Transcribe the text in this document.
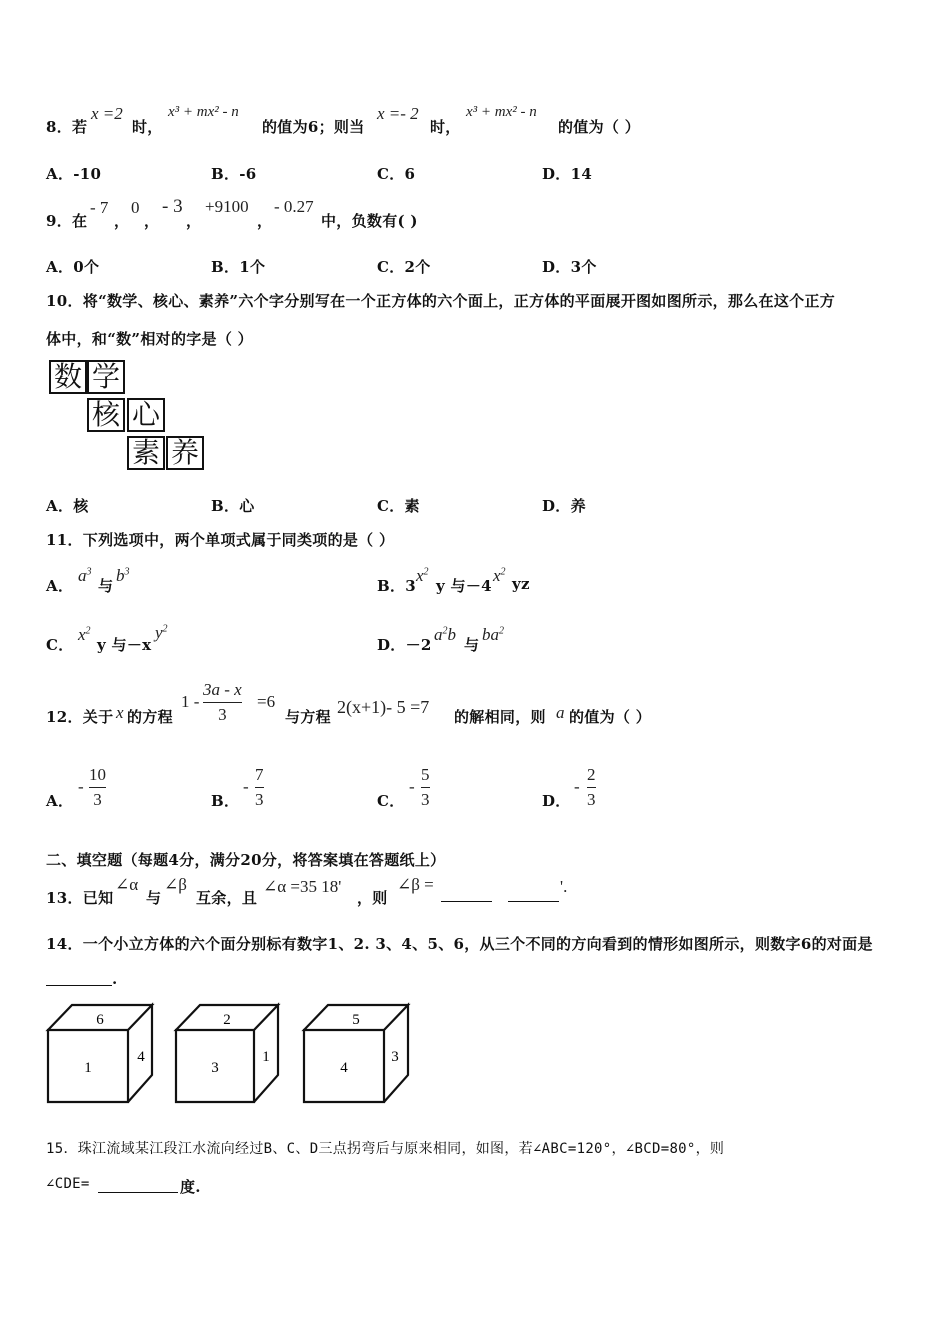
8．若
x =2
时，
x³ + mx² - n
的值为6；则当
x =- 2
时，
x³ + mx² - n
的值为（ ）
A．-10	B．-6	C．6	D．14
9．在
- 7
，
0
，
- 3
，
+9100
，
- 0.27
中，负数有( )
A．0个	B．1个	C．2个	D．3个
10．将“数学、核心、素养”六个字分别写在一个正方体的六个面上，正方体的平面展开图如图所示，那么在这个正方
体中，和“数”相对的字是（ ）
数 学
核 心
素 养
A．核	B．心	C．素	D．养
11．下列选项中，两个单项式属于同类项的是（ ）
A．
$a^3$
与
$b^3$
B．3
$x^2$
y 与－4
$x^2$
yz
C．
$x^2$
y 与－x
$y^2$
D．－2
$a^2b$
与
$ba^2$
12．关于 x 的方程
1 -
3a - x
3
=6
与方程 2(x+1)- 5 =7 的解相同，则 a 的值为（ ）
A．
-
10
3	B．
-
7
3	C．
-
5
3	D．
-
2
3
二、填空题（每题4分，满分20分，将答案填在答题纸上）
13．已知
∠α
与
∠β
互余，且
∠α =35 18'
，则
∠β =	'.
14．一个小立方体的六个面分别标有数字1、2. 3、4、5、6，从三个不同的方向看到的情形如图所示，则数字6的对面是
.
6
1
4
2
3
1
5
4
3
15．珠江流域某江段江水流向经过B、C、D三点拐弯后与原来相同，如图，若∠ABC=120°，∠BCD=80°，则
∠CDE=	度.
